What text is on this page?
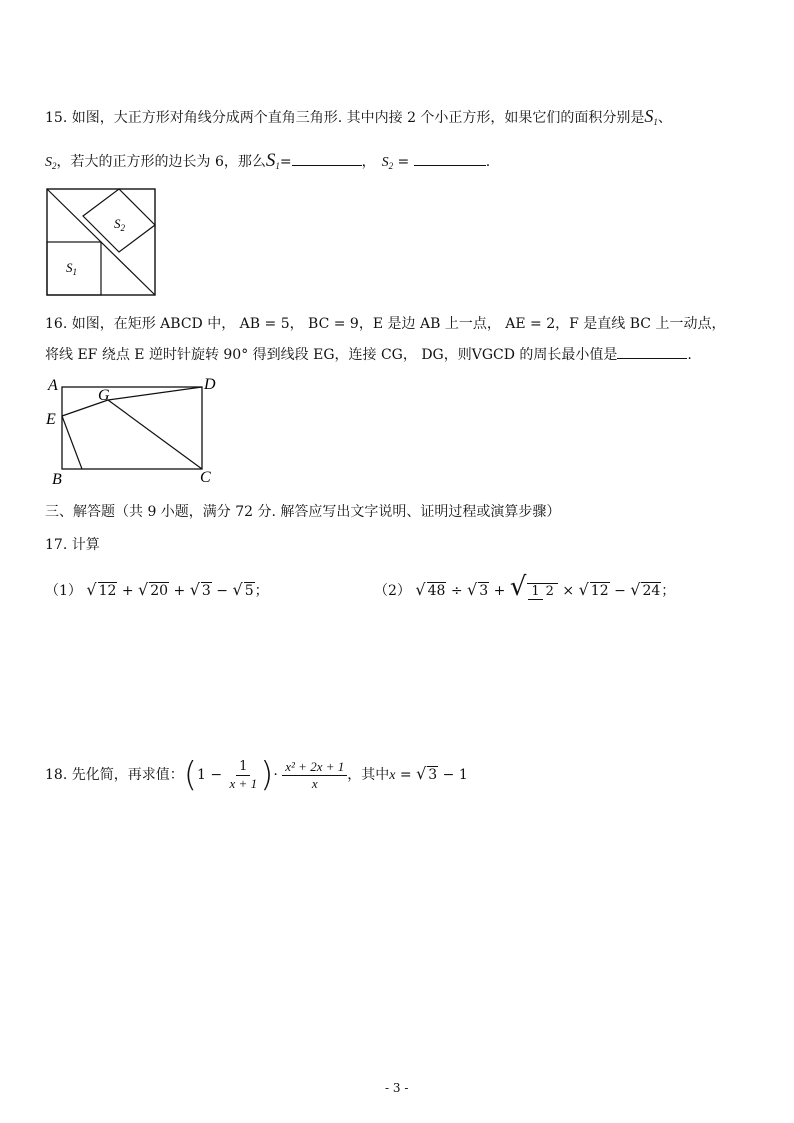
15. 如图，大正方形对角线分成两个直角三角形. 其中内接 2 个小正方形，如果它们的面积分别是$S_1$、
$S_2$，若大的正方形的边长为 6，那么$S_1=$	， $S_2$ =	.
$S_2$
$S_1$
16. 如图，在矩形 ABCD 中， AB = 5， BC = 9，E 是边 AB 上一点， AE = 2，F 是直线 BC 上一动点，
将线 EF 绕点 E 逆时针旋转 90° 得到线段 EG，连接 CG， DG，则VGCD 的周长最小值是	.
A	D
E
G
B	C
三、解答题（共 9 小题，满分 72 分. 解答应写出文字说明、证明过程或演算步骤）
17. 计算
（1） √ 12 + √ 20 + √ 3 − √ 5；	（2） √ 48 ÷ √ 3 + √ 1 2 × √ 12 − √ 24；
18. 先化简，再求值：($1 - \frac{1}{x + 1}$ )· $\frac{\text{x² + 2x + 1}}{x}$ ，其中x = √ 3 − 1
- 3 -
